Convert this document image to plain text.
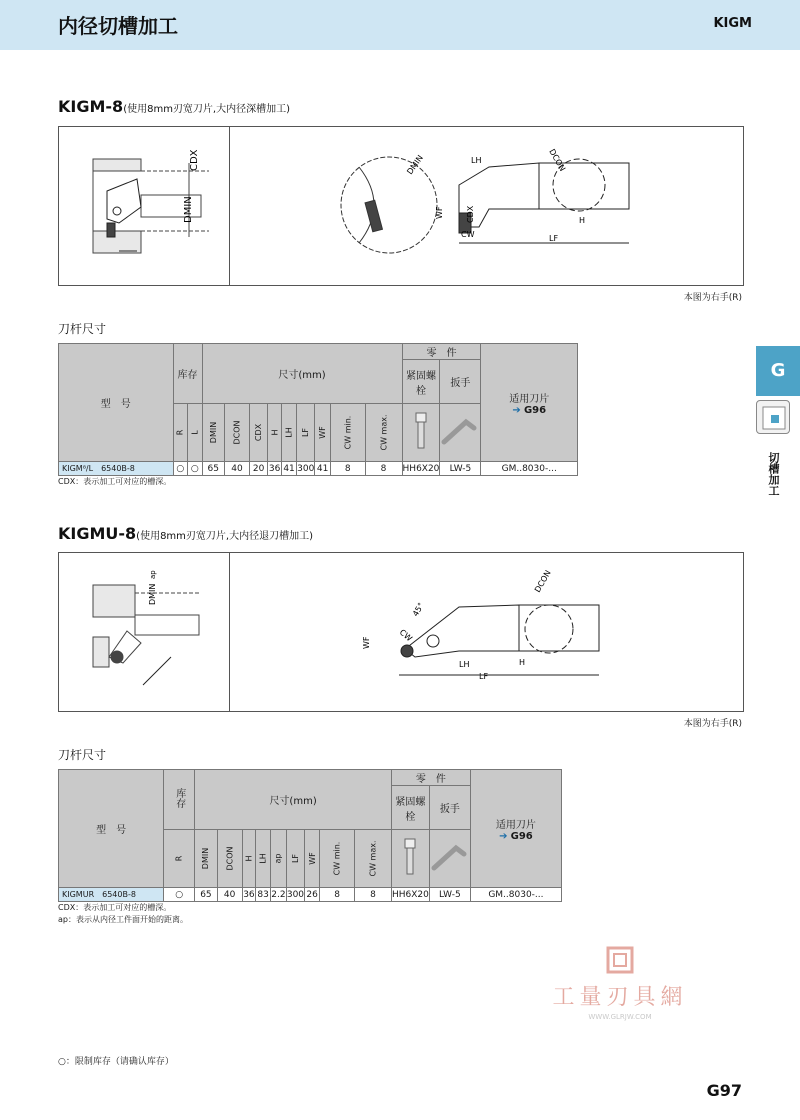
内径切槽加工	KIGM
KIGM-8(使用8mm刃宽刀片,大内径深槽加工)
CDX
DMIN
DMIN	LH
H
LF
WF
CW
CDX
DCON
本图为右手(R)
刀杆尺寸
型　号	库存		尺寸(mm)									零　件		适用刀片
➔ G96
												紧固螺栓	扳手	
	R	L	DMIN	DCON	CDX	H	LH	LF	WF	CW min.	CW max.		
KIGM⁸/L　6540B-8	○	○	65	40	20	36	41	300	41	8	8	HH6X20	LW-5	GM..8030-...
CDX：表示加工可对应的槽深。
KIGMU-8(使用8mm刃宽刀片,大内径退刀槽加工)
DMIN
ap
45°
CW
WF
LH	H
LF
DCON
本图为右手(R)
刀杆尺寸
型　号	库存	尺寸(mm)									零　件		适用刀片
➔ G96
											紧固螺栓	扳手	
	R	DMIN	DCON	H	LH	ap	LF	WF	CW min.	CW max.		
KIGMUR　6540B-8	○	65	40	36	83	2.2	300	26	8	8	HH6X20	LW-5	GM..8030-...
CDX：表示加工可对应的槽深。
ap：表示从内径工件面开始的距离。
G
切槽加工
工量刃具網
WWW.GLRJW.COM
○：限制库存（请确认库存）
G97
